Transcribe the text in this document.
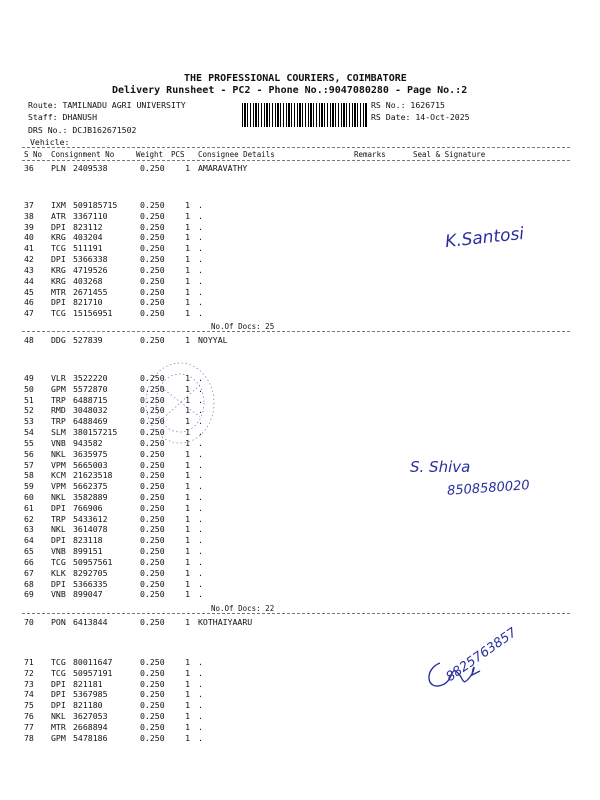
THE PROFESSIONAL COURIERS, COIMBATORE
Delivery Runsheet - PC2 - Phone No.:9047080280 - Page No.:2
Route: TAMILNADU AGRI UNIVERSITY
Staff: DHANUSH
DRS No.: DCJB162671502
Vehicle:
RS No.: 1626715
RS Date: 14-Oct-2025
S No Consignment No	Weight PCS Consignee Details	Remarks	Seal & Signature
36 PLN 2409538	0.250 1 AMARAVATHY
37 IXM 509185715	0.250 1 .
38 ATR 3367110	0.250 1 .
39 DPI 823112	0.250 1 .
40 KRG 403204	0.250 1 .
41 TCG 511191	0.250 1 .
42 DPI 5366338	0.250 1 .
43 KRG 4719526	0.250 1 .
44 KRG 403268	0.250 1 .
45 MTR 2671455	0.250 1 .
46 DPI 821710	0.250 1 .
47 TCG 15156951	0.250 1 .
No.Of Docs: 25
48 DDG 527839	0.250 1 NOYYAL
49 VLR 3522220	0.250 1 .
50 GPM 5572870	0.250 1 .
51 TRP 6488715	0.250 1 .
52 RMD 3048032	0.250 1 .
53 TRP 6488469	0.250 1 .
54 SLM 380157215	0.250 1 .
55 VNB 943582	0.250 1 .
56 NKL 3635975	0.250 1 .
57 VPM 5665003	0.250 1 .
58 KCM 21623518	0.250 1 .
59 VPM 5662375	0.250 1 .
60 NKL 3582889	0.250 1 .
61 DPI 766906	0.250 1 .
62 TRP 5433612	0.250 1 .
63 NKL 3614078	0.250 1 .
64 DPI 823118	0.250 1 .
65 VNB 899151	0.250 1 .
66 TCG 50957561	0.250 1 .
67 KLK 8292705	0.250 1 .
68 DPI 5366335	0.250 1 .
69 VNB 899047	0.250 1 .
No.Of Docs: 22
70 PON 6413844	0.250 1 KOTHAIYAARU
71 TCG 80011647	0.250 1 .
72 TCG 50957191	0.250 1 .
73 DPI 821181	0.250 1 .
74 DPI 5367985	0.250 1 .
75 DPI 821180	0.250 1 .
76 NKL 3627053	0.250 1 .
77 MTR 2668894	0.250 1 .
78 GPM 5478186	0.250 1 .
K.Santosi
S. Shiva
8508580020
8825763857
